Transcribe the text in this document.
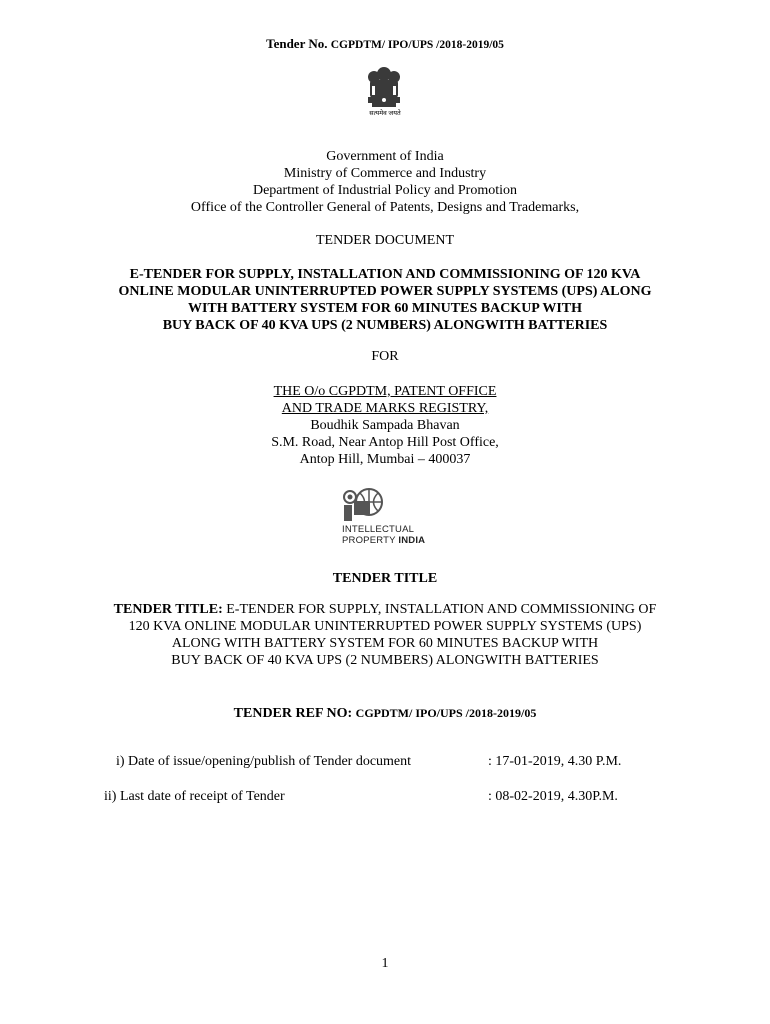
Tender No. CGPDTM/ IPO/UPS /2018-2019/05
सत्यमेव जयते
Government of India
Ministry of Commerce and Industry
Department of Industrial Policy and Promotion
Office of the Controller General of Patents, Designs and Trademarks,
TENDER DOCUMENT
E-TENDER FOR SUPPLY, INSTALLATION AND COMMISSIONING OF 120 KVA
ONLINE MODULAR UNINTERRUPTED POWER SUPPLY SYSTEMS (UPS) ALONG
WITH BATTERY SYSTEM FOR 60 MINUTES BACKUP WITH
BUY BACK OF 40 KVA UPS (2 NUMBERS) ALONGWITH BATTERIES
FOR
THE O/o CGPDTM, PATENT OFFICE
AND TRADE MARKS REGISTRY,
Boudhik Sampada Bhavan
S.M. Road, Near Antop Hill Post Office,
Antop Hill, Mumbai – 400037
INTELLECTUAL
PROPERTY INDIA
TENDER TITLE
TENDER TITLE: E-TENDER FOR SUPPLY, INSTALLATION AND COMMISSIONING OF
120 KVA ONLINE MODULAR UNINTERRUPTED POWER SUPPLY SYSTEMS (UPS)
ALONG WITH BATTERY SYSTEM FOR 60 MINUTES BACKUP WITH
BUY BACK OF 40 KVA UPS (2 NUMBERS) ALONGWITH BATTERIES
TENDER REF NO: CGPDTM/ IPO/UPS /2018-2019/05
i) Date of issue/opening/publish of Tender document	: 17-01-2019, 4.30 P.M.
ii) Last date of receipt of Tender	: 08-02-2019, 4.30P.M.
1
